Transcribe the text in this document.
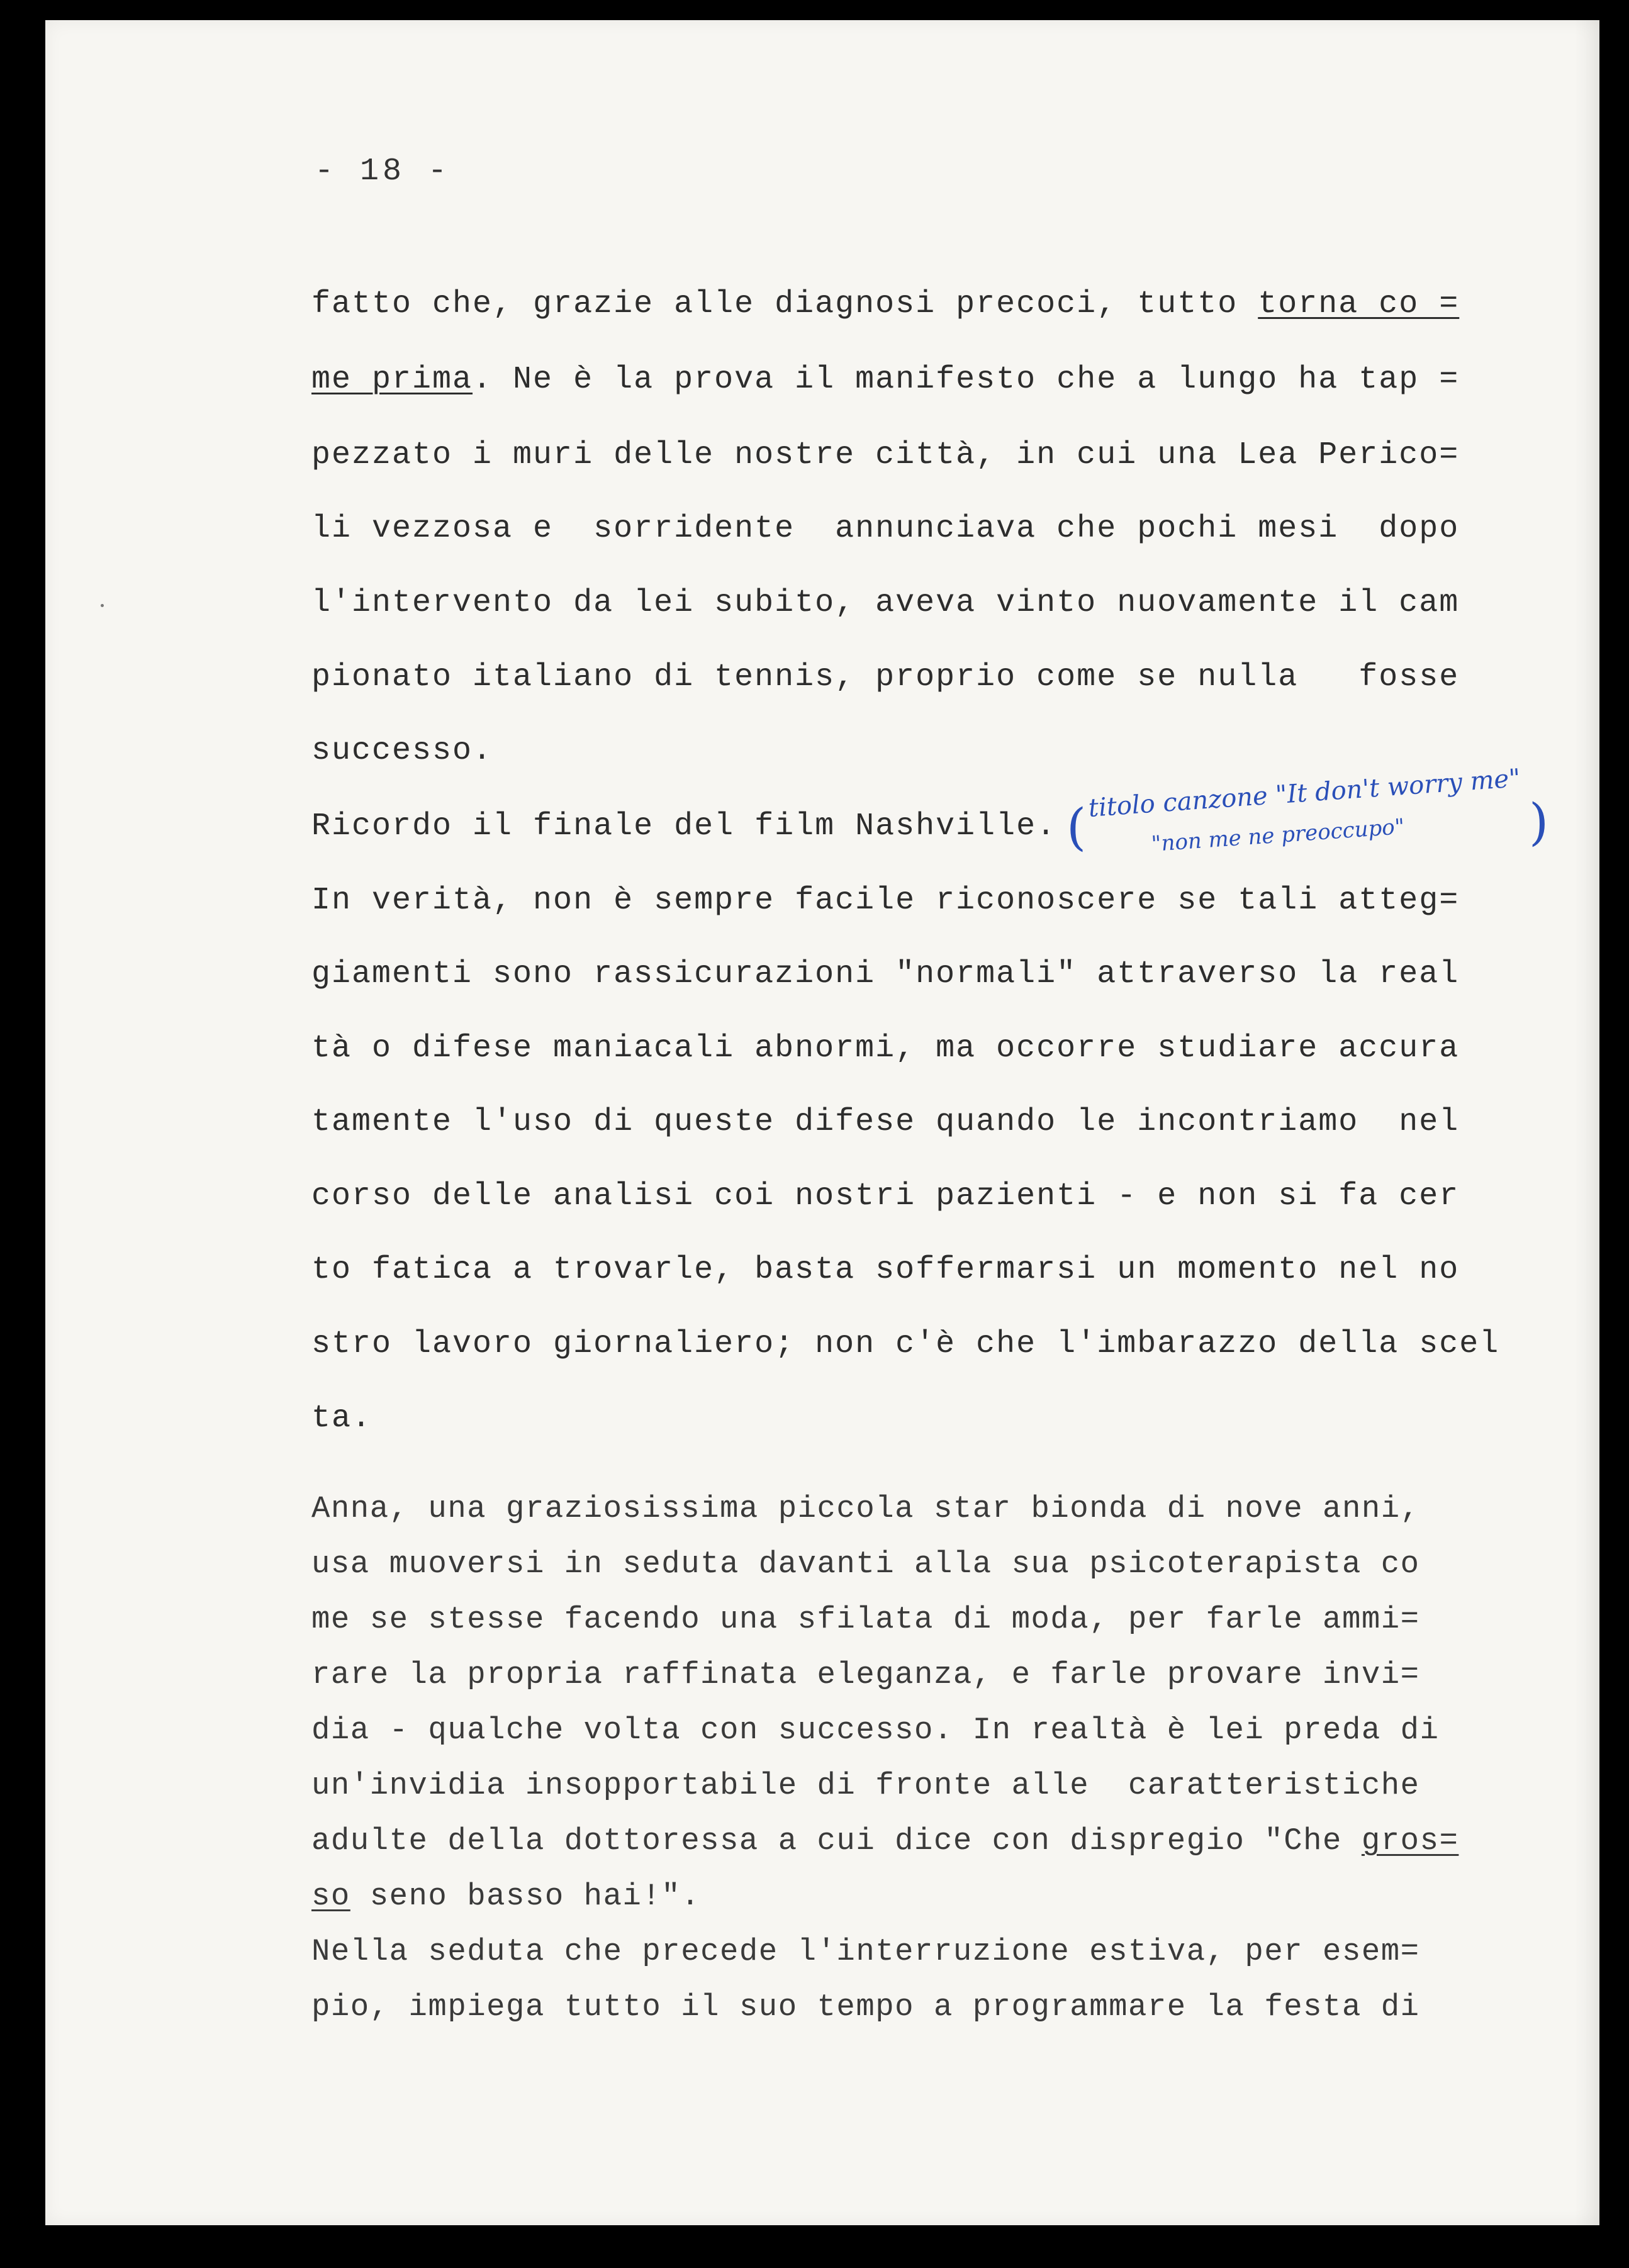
- 18 -
fatto che, grazie alle diagnosi precoci, tutto torna co =
me prima. Ne è la prova il manifesto che a lungo ha tap =
pezzato i muri delle nostre città, in cui una Lea Perico=
li vezzosa e  sorridente  annunciava che pochi mesi  dopo
l'intervento da lei subito, aveva vinto nuovamente il cam
pionato italiano di tennis, proprio come se nulla   fosse
successo.
Ricordo il finale del film Nashville. (
titolo canzone "It don't worry me"
"non me ne preoccupo" )
In verità, non è sempre facile riconoscere se tali atteg=
giamenti sono rassicurazioni "normali" attraverso la real
tà o difese maniacali abnormi, ma occorre studiare accura
tamente l'uso di queste difese quando le incontriamo  nel
corso delle analisi coi nostri pazienti - e non si fa cer
to fatica a trovarle, basta soffermarsi un momento nel no
stro lavoro giornaliero; non c'è che l'imbarazzo della scel
ta.
Anna, una graziosissima piccola star bionda di nove anni,
usa muoversi in seduta davanti alla sua psicoterapista co
me se stesse facendo una sfilata di moda, per farle ammi=
rare la propria raffinata eleganza, e farle provare invi=
dia - qualche volta con successo. In realtà è lei preda di
un'invidia insopportabile di fronte alle  caratteristiche
adulte della dottoressa a cui dice con dispregio "Che gros=
so seno basso hai!".
Nella seduta che precede l'interruzione estiva, per esem=
pio, impiega tutto il suo tempo a programmare la festa di
